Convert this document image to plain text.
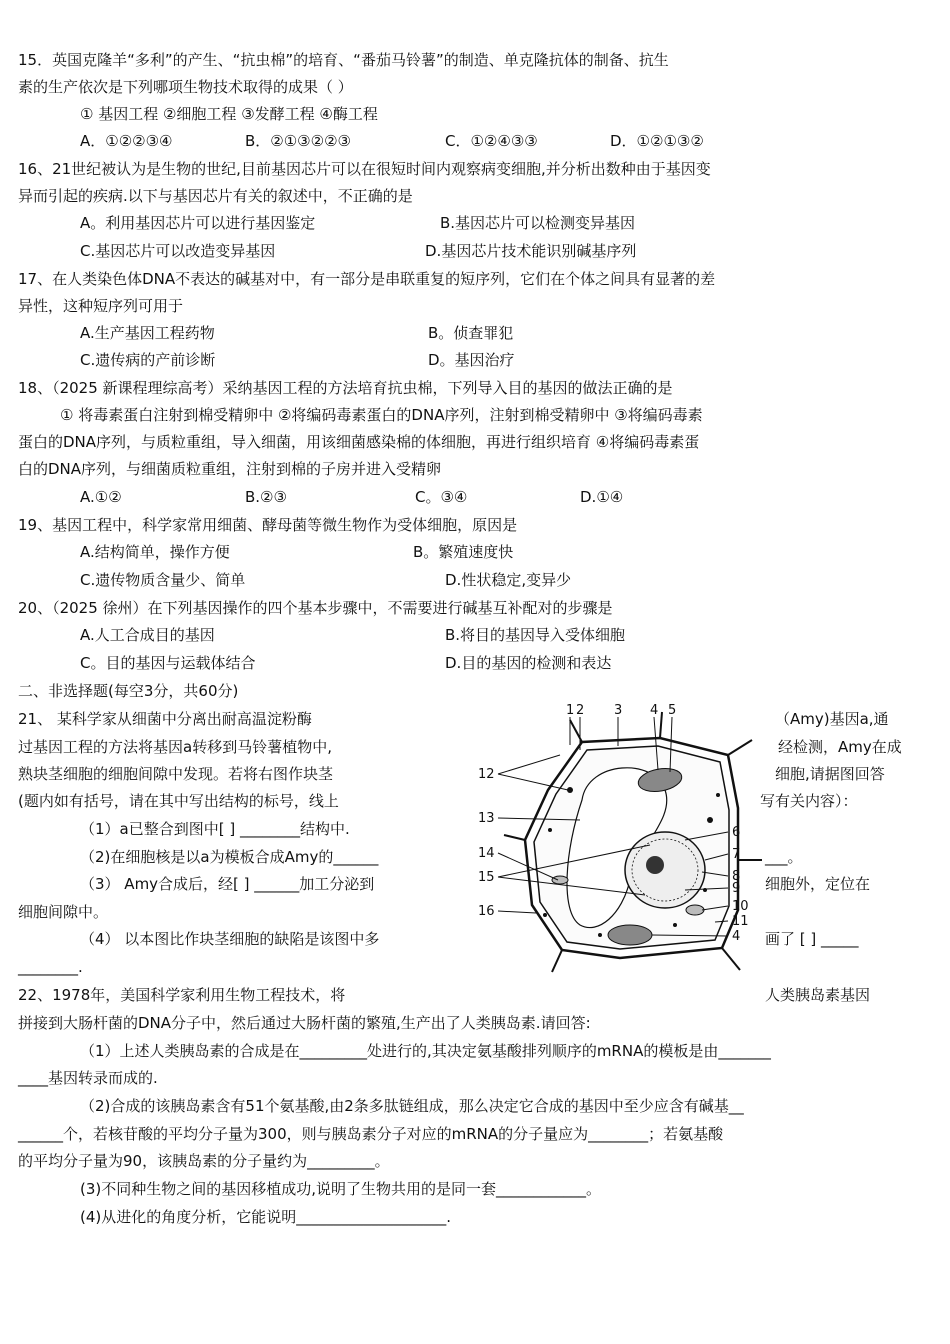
15．英国克隆羊“多利”的产生、“抗虫棉”的培育、“番茄马铃薯”的制造、单克隆抗体的制备、抗生
素的生产依次是下列哪项生物技术取得的成果（ ）
① 基因工程 ②细胞工程 ③发酵工程 ④酶工程
A．①②②③④	B．②①③②②③	C．①②④③③	D．①②①③②
16、21世纪被认为是生物的世纪,目前基因芯片可以在很短时间内观察病变细胞,并分析出数种由于基因变
异而引起的疾病.以下与基因芯片有关的叙述中，不正确的是
A。利用基因芯片可以进行基因鉴定	B.基因芯片可以检测变异基因
C.基因芯片可以改造变异基因	D.基因芯片技术能识别碱基序列
17、在人类染色体DNA不表达的碱基对中，有一部分是串联重复的短序列，它们在个体之间具有显著的差
异性，这种短序列可用于
A.生产基因工程药物	B。侦查罪犯
C.遗传病的产前诊断	D。基因治疗
18、（2025 新课程理综高考）采纳基因工程的方法培育抗虫棉，下列导入目的基因的做法正确的是
① 将毒素蛋白注射到棉受精卵中 ②将编码毒素蛋白的DNA序列，注射到棉受精卵中 ③将编码毒素
蛋白的DNA序列，与质粒重组，导入细菌，用该细菌感染棉的体细胞，再进行组织培育 ④将编码毒素蛋
白的DNA序列，与细菌质粒重组，注射到棉的子房并进入受精卵
A.①②	B.②③	C。③④	D.①④
19、基因工程中，科学家常用细菌、酵母菌等微生物作为受体细胞，原因是
A.结构简单，操作方便	B。繁殖速度快
C.遗传物质含量少、简单	D.性状稳定,变异少
20、（2025 徐州）在下列基因操作的四个基本步骤中，不需要进行碱基互补配对的步骤是
A.人工合成目的基因	B.将目的基因导入受体细胞
C。目的基因与运载体结合	D.目的基因的检测和表达
二、非选择题(每空3分，共60分)
21、 某科学家从细菌中分离出耐高温淀粉酶	（Amy)基因a,通
过基因工程的方法将基因a转移到马铃薯植物中,	经检测，Amy在成
熟块茎细胞的细胞间隙中发现。若将右图作块茎	细胞,请据图回答
(题内如有括号，请在其中写出结构的标号，线上	写有关内容）：
（1）a已整合到图中[ ] ________结构中.
（2)在细胞核是以a为模板合成Amy的______	___。
（3） Amy合成后，经[ ] ______加工分泌到	细胞外，定位在
细胞间隙中。
（4） 以本图比作块茎细胞的缺陷是该图中多	画了 [ ] _____
________.
1 2 3 4 5
6
7
8
9
10
11
4
12
13
14
15
16
22、1978年，美国科学家利用生物工程技术，将	人类胰岛素基因
拼接到大肠杆菌的DNA分子中，然后通过大肠杆菌的繁殖,生产出了人类胰岛素.请回答:
（1）上述人类胰岛素的合成是在_________处进行的,其决定氨基酸排列顺序的mRNA的模板是由_______
____基因转录而成的.
（2)合成的该胰岛素含有51个氨基酸,由2条多肽链组成，那么决定它合成的基因中至少应含有碱基__
______个，若核苷酸的平均分子量为300，则与胰岛素分子对应的mRNA的分子量应为________；若氨基酸
的平均分子量为90，该胰岛素的分子量约为_________。
(3)不同种生物之间的基因移植成功,说明了生物共用的是同一套____________。
(4)从进化的角度分析，它能说明____________________.
